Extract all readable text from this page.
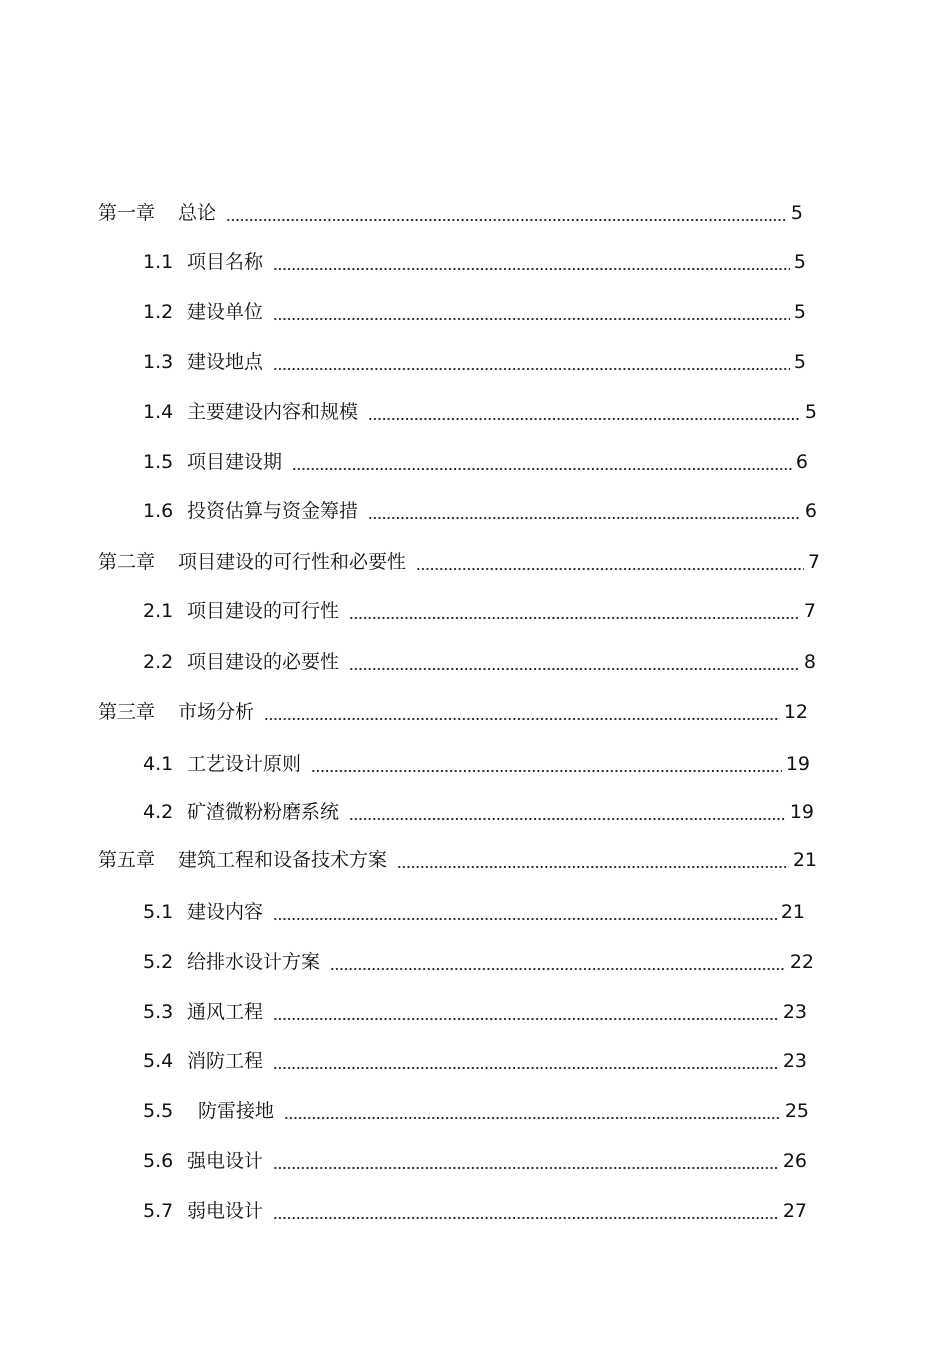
第一章	总论	5
1.1 项目名称	5
1.2 建设单位	5
1.3 建设地点	5
1.4 主要建设内容和规模	5
1.5 项目建设期	6
1.6 投资估算与资金筹措	6
第二章	项目建设的可行性和必要性	7
2.1 项目建设的可行性	7
2.2 项目建设的必要性	8
第三章	市场分析	12
4.1 工艺设计原则	19
4.2 矿渣微粉粉磨系统	19
第五章	建筑工程和设备技术方案	21
5.1 建设内容	21
5.2 给排水设计方案	22
5.3 通风工程	23
5.4 消防工程	23
5.5	防雷接地	25
5.6 强电设计	26
5.7 弱电设计	27
